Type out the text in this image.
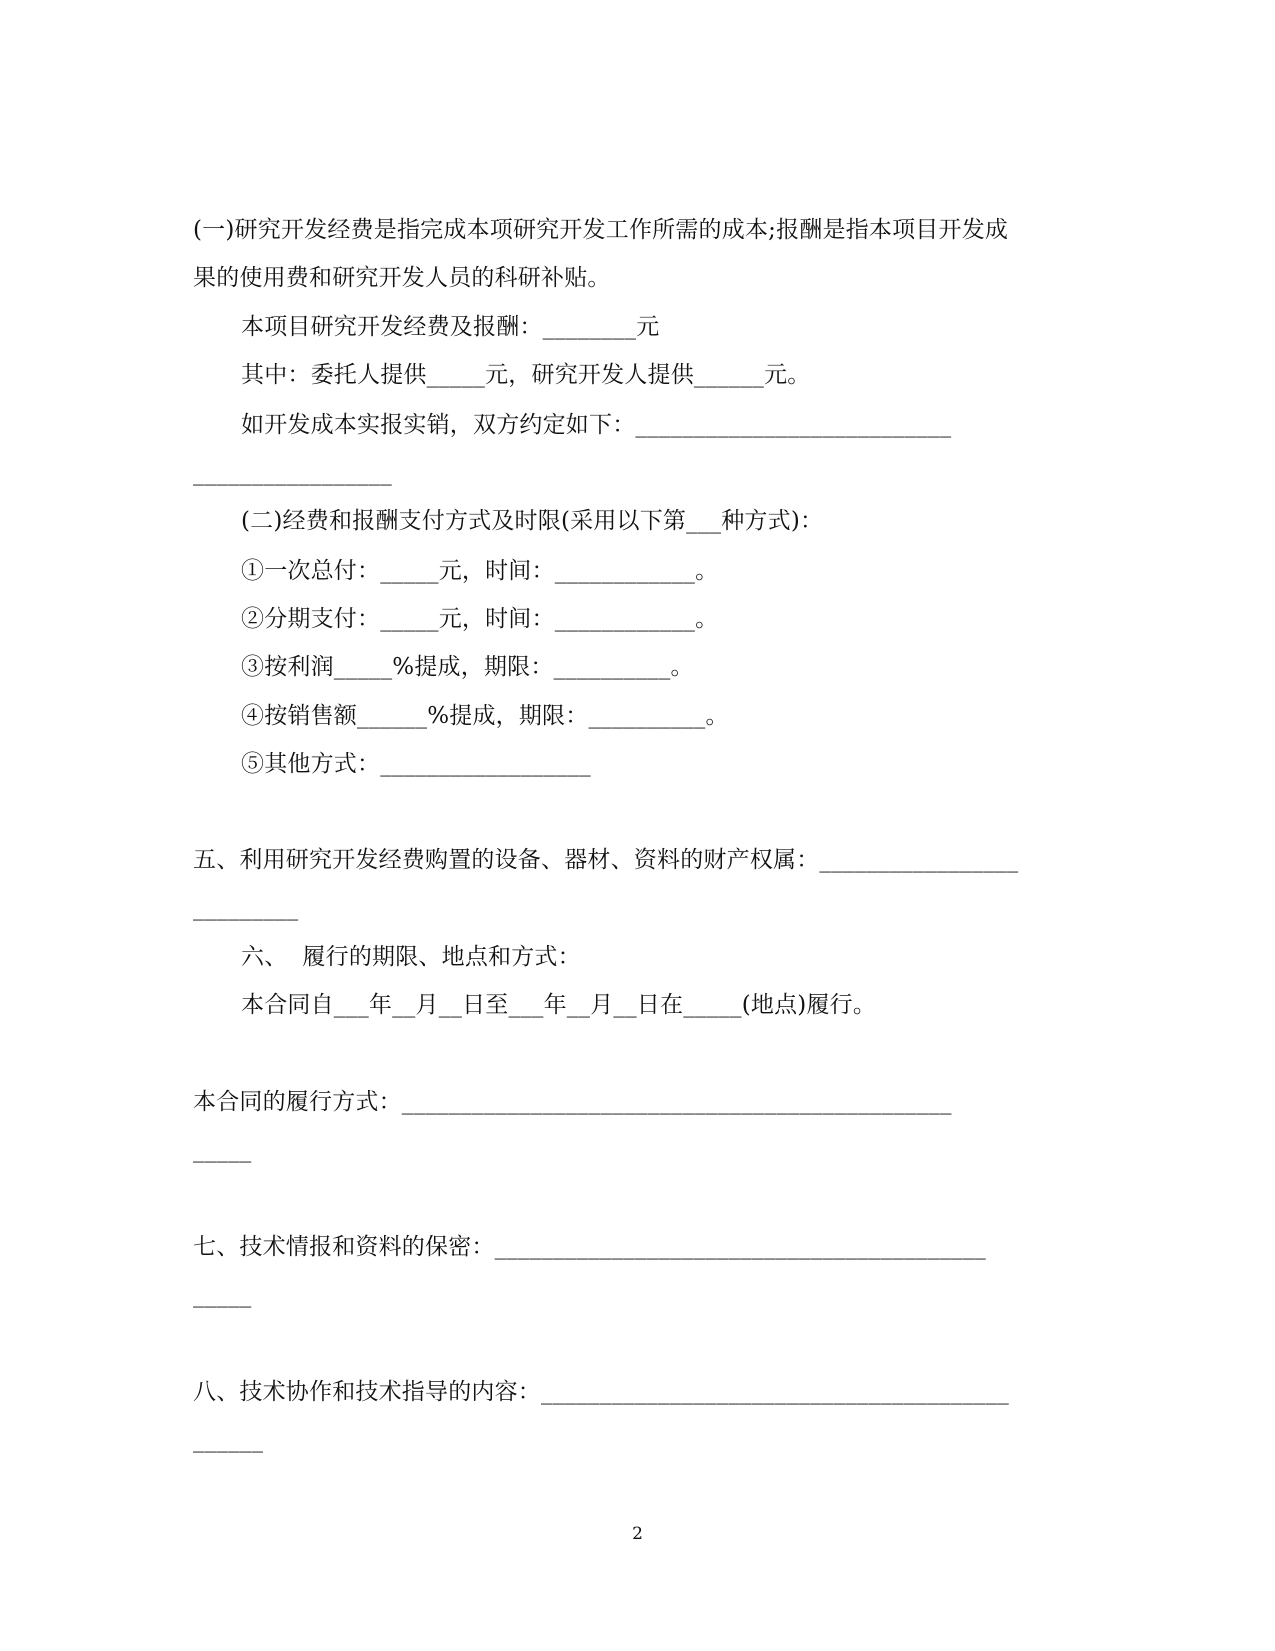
(一)研究开发经费是指完成本项研究开发工作所需的成本;报酬是指本项目开发成
果的使用费和研究开发人员的科研补贴。
本项目研究开发经费及报酬：________元
其中：委托人提供_____元，研究开发人提供______元。
如开发成本实报实销，双方约定如下：___________________________
_________________
(二)经费和报酬支付方式及时限(采用以下第___种方式)：
①一次总付：_____元，时间：____________。
②分期支付：_____元，时间：____________。
③按利润_____%提成，期限：__________。
④按销售额______%提成，期限：__________。
⑤其他方式：__________________
五、利用研究开发经费购置的设备、器材、资料的财产权属：_________________
_________
六、  履行的期限、地点和方式：
本合同自___年__月__日至___年__月__日在_____(地点)履行。
本合同的履行方式：_______________________________________________
_____
七、技术情报和资料的保密：__________________________________________
_____
八、技术协作和技术指导的内容：________________________________________
______
2
